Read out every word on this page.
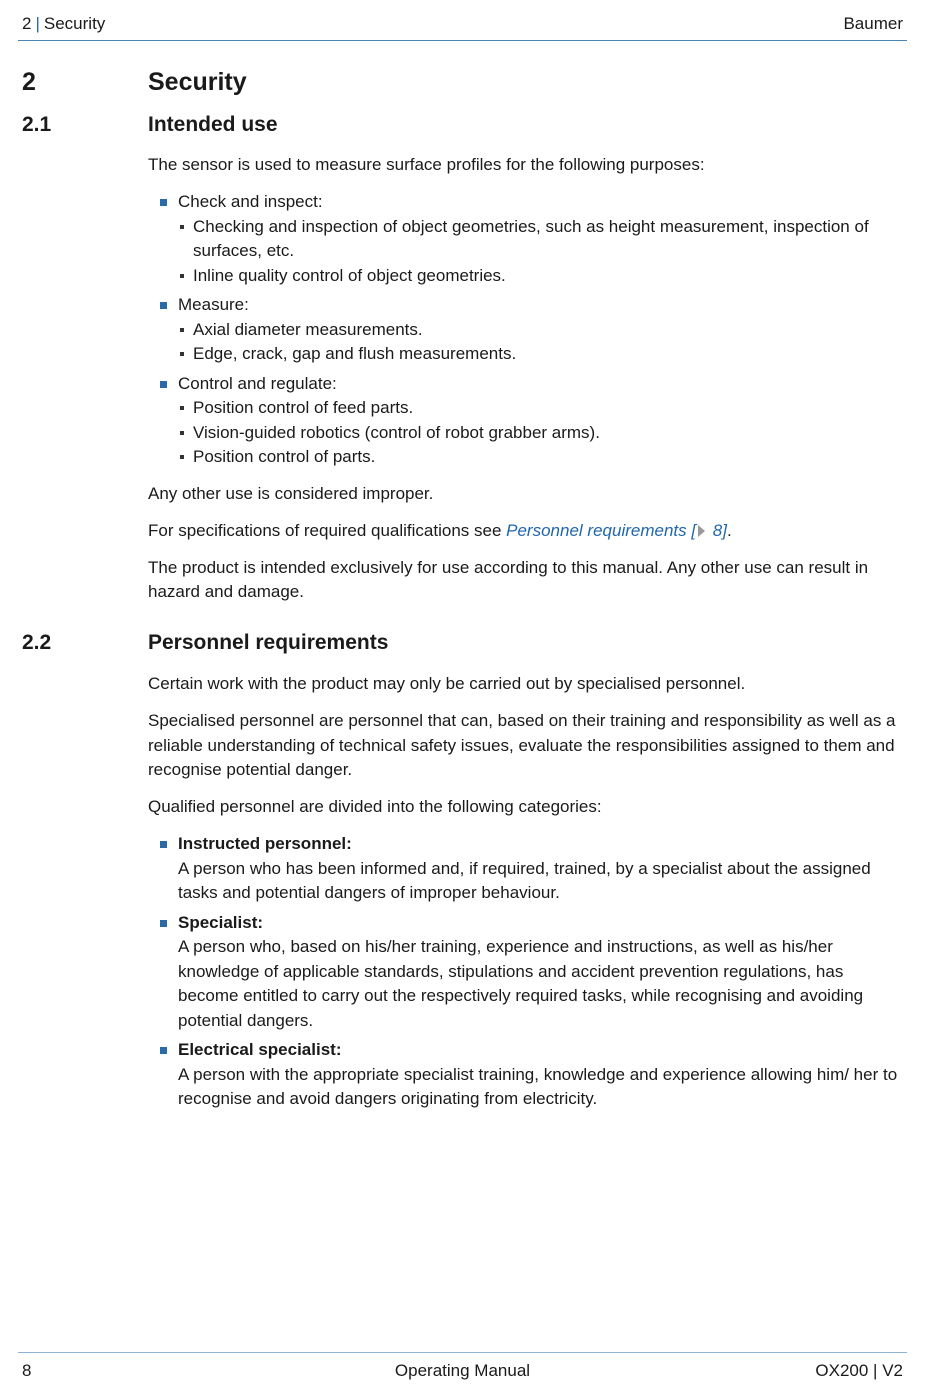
2 | Security	Baumer
2	Security
2.1	Intended use

The sensor is used to measure surface profiles for the following purposes:

Check and inspect:
Checking and inspection of object geometries, such as height measurement, inspection of surfaces, etc.
Inline quality control of object geometries.
Measure:
Axial diameter measurements.
Edge, crack, gap and flush measurements.
Control and regulate:
Position control of feed parts.
Vision-guided robotics (control of robot grabber arms).
Position control of parts.

Any other use is considered improper.

For specifications of required qualifications see Personnel requirements [ 8].

The product is intended exclusively for use according to this manual. Any other use can result in hazard and damage.

2.2	Personnel requirements

Certain work with the product may only be carried out by specialised personnel.

Specialised personnel are personnel that can, based on their training and responsibility as well as a reliable understanding of technical safety issues, evaluate the responsibilities assigned to them and recognise potential danger.

Qualified personnel are divided into the following categories:

Instructed personnel:
A person who has been informed and, if required, trained, by a specialist about the assigned tasks and potential dangers of improper behaviour.
Specialist:
A person who, based on his/her training, experience and instructions, as well as his/her knowledge of applicable standards, stipulations and accident prevention regulations, has become entitled to carry out the respectively required tasks, while recognising and avoiding potential dangers.
Electrical specialist:
A person with the appropriate specialist training, knowledge and experience allowing him/ her to recognise and avoid dangers originating from electricity.
8	Operating Manual	OX200 | V2
